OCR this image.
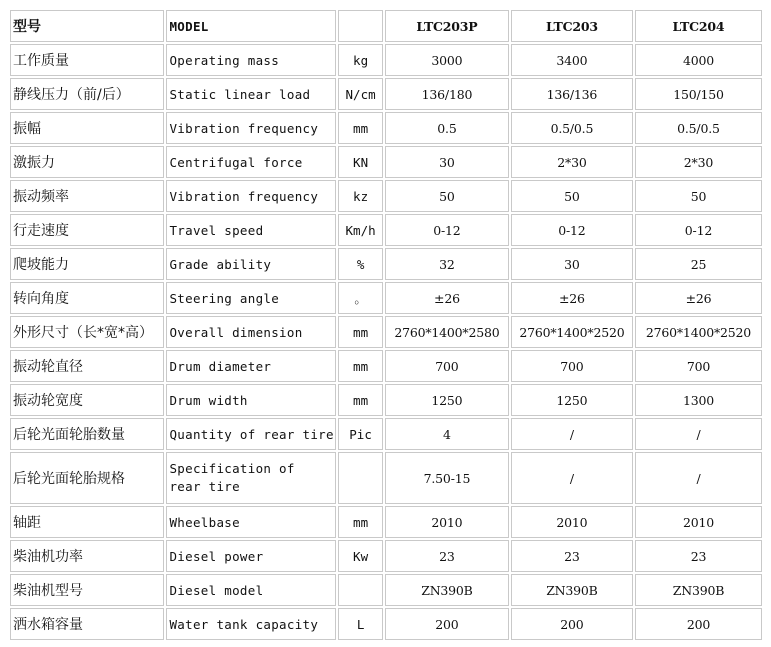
型号	MODEL		LTC203P	LTC203	LTC204
工作质量	Operating mass	kg	3000	3400	4000
静线压力（前/后）	Static linear load	N/cm	136/180	136/136	150/150
振幅	Vibration frequency	mm	0.5	0.5/0.5	0.5/0.5
激振力	Centrifugal force	KN	30	2*30	2*30
振动频率	Vibration frequency	kz	50	50	50
行走速度	Travel speed	Km/h	0-12	0-12	0-12
爬坡能力	Grade ability	%	32	30	25
转向角度	Steering angle	。	±26	±26	±26
外形尺寸（长*宽*高）	Overall dimension	mm	2760*1400*2580	2760*1400*2520	2760*1400*2520
振动轮直径	Drum diameter	mm	700	700	700
振动轮宽度	Drum width	mm	1250	1250	1300
后轮光面轮胎数量	Quantity of rear tire	Pic	4	/	/
后轮光面轮胎规格	Specification of rear tire		7.50-15	/	/
轴距	Wheelbase	mm	2010	2010	2010
柴油机功率	Diesel power	Kw	23	23	23
柴油机型号	Diesel model		ZN390B	ZN390B	ZN390B
洒水箱容量	Water tank capacity	L	200	200	200
